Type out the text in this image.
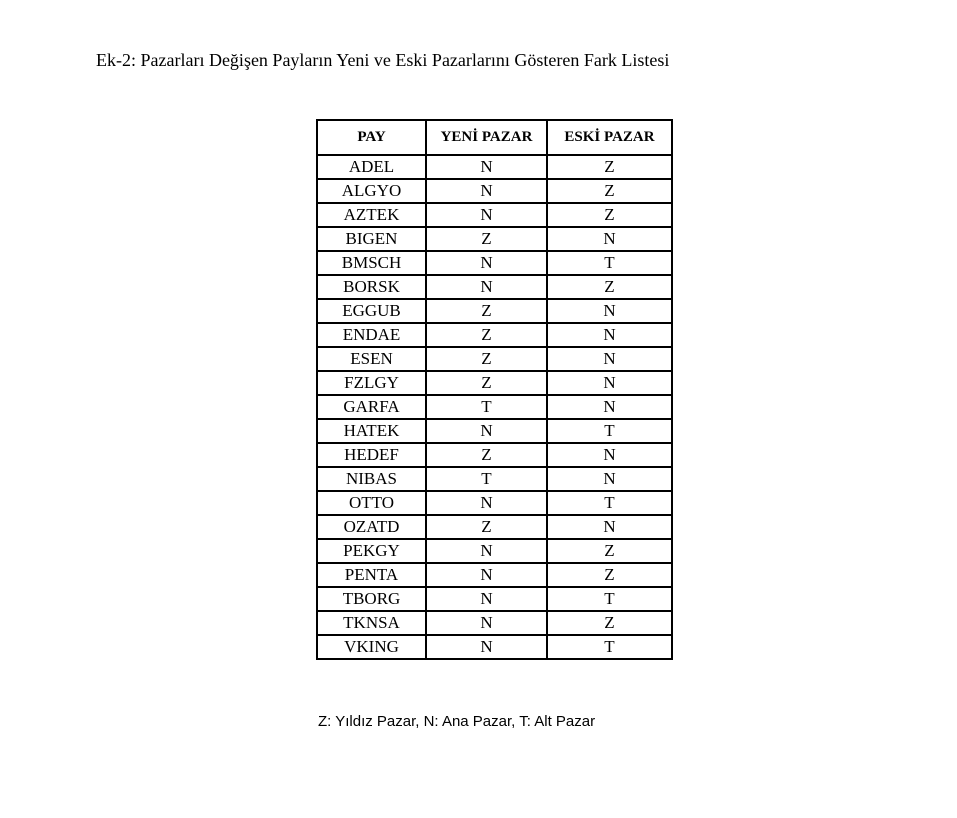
Ek-2: Pazarları Değişen Payların Yeni ve Eski Pazarlarını Gösteren Fark Listesi
PAY	YENİ PAZAR	ESKİ PAZAR
ADEL	N	Z
ALGYO	N	Z
AZTEK	N	Z
BIGEN	Z	N
BMSCH	N	T
BORSK	N	Z
EGGUB	Z	N
ENDAE	Z	N
ESEN	Z	N
FZLGY	Z	N
GARFA	T	N
HATEK	N	T
HEDEF	Z	N
NIBAS	T	N
OTTO	N	T
OZATD	Z	N
PEKGY	N	Z
PENTA	N	Z
TBORG	N	T
TKNSA	N	Z
VKING	N	T
Z: Yıldız Pazar, N: Ana Pazar, T: Alt Pazar
